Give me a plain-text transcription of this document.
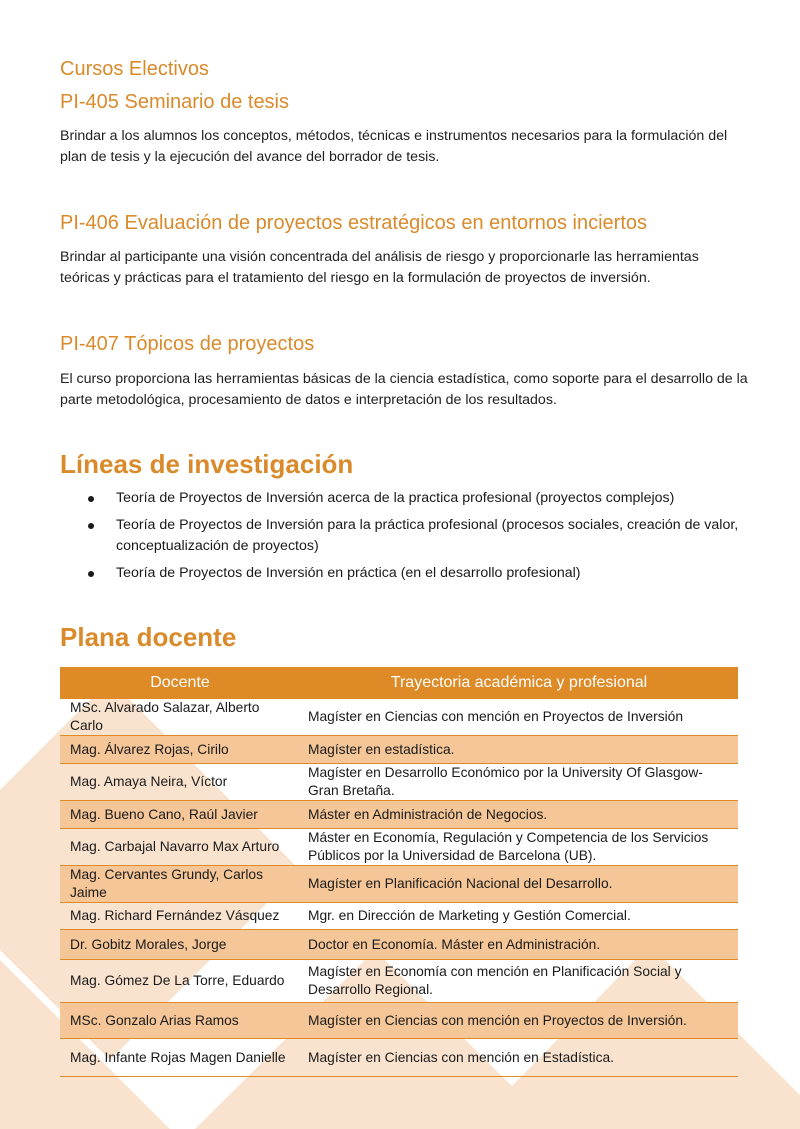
Cursos Electivos
PI-405 Seminario de tesis

Brindar a los alumnos los conceptos, métodos, técnicas e instrumentos necesarios para la formulación del plan de tesis y la ejecución del avance del borrador de tesis.

PI-406 Evaluación de proyectos estratégicos en entornos inciertos

Brindar al participante una visión concentrada del análisis de riesgo y proporcionarle las herramientas teóricas y prácticas para el tratamiento del riesgo en la formulación de proyectos de inversión.

PI-407 Tópicos de proyectos

El curso proporciona las herramientas básicas de la ciencia estadística, como soporte para el desarrollo de la parte metodológica, procesamiento de datos e interpretación de los resultados.

Líneas de investigación
Teoría de Proyectos de Inversión acerca de la practica profesional (proyectos complejos)
Teoría de Proyectos de Inversión para la práctica profesional (procesos sociales, creación de valor, conceptualización de proyectos)
Teoría de Proyectos de Inversión en práctica (en el desarrollo profesional)
Plana docente
Docente	Trayectoria académica y profesional
MSc. Alvarado Salazar, Alberto Carlo	Magíster en Ciencias con mención en Proyectos de Inversión
Mag. Álvarez Rojas, Cirilo	Magíster en estadística.
Mag. Amaya Neira, Víctor	Magíster en Desarrollo Económico por la University Of Glasgow-Gran Bretaña.
Mag. Bueno Cano, Raúl Javier	Máster en Administración de Negocios.
Mag. Carbajal Navarro Max Arturo	Máster en Economía, Regulación y Competencia de los Servicios Públicos por la Universidad de Barcelona (UB).
Mag. Cervantes Grundy, Carlos Jaime	Magíster en Planificación Nacional del Desarrollo.
Mag. Richard Fernández Vásquez	Mgr. en Dirección de Marketing y Gestión Comercial.
Dr. Gobitz Morales, Jorge	Doctor en Economía. Máster en Administración.
Mag. Gómez De La Torre, Eduardo	Magíster en Economía con mención en Planificación Social y Desarrollo Regional.
MSc. Gonzalo Arias Ramos	Magíster en Ciencias con mención en Proyectos de Inversión.
Mag. Infante Rojas Magen Danielle	Magíster en Ciencias con mención en Estadística.
